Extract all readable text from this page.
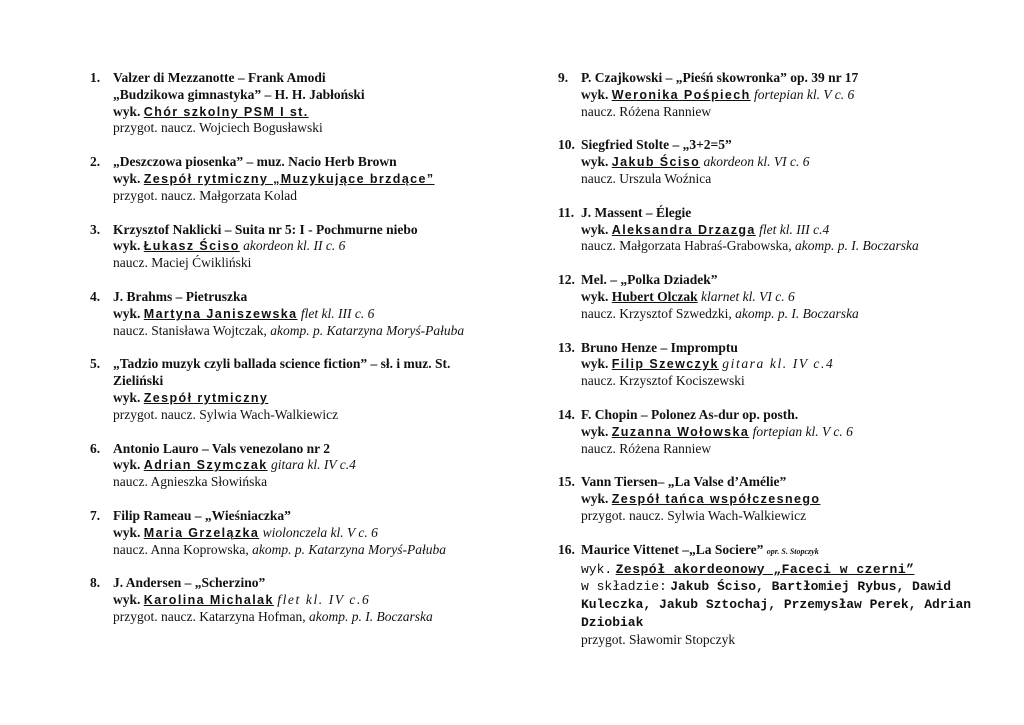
1. Valzer di Mezzanotte – Frank Amodi
„Budzikowa gimnastyka” – H. H. Jabłoński
wyk. Chór szkolny PSM I st.
przygot. naucz. Wojciech Bogusławski
2. „Deszczowa piosenka” – muz. Nacio Herb Brown
wyk. Zespół rytmiczny „Muzykujące brzdące”
przygot. naucz. Małgorzata Kolad
3. Krzysztof Naklicki – Suita nr 5: I - Pochmurne niebo
wyk. Łukasz Ściso akordeon kl. II c. 6
naucz. Maciej Ćwikliński
4. J. Brahms – Pietruszka
wyk. Martyna Janiszewska flet kl. III c. 6
naucz. Stanisława Wojtczak, akomp. p. Katarzyna Moryś-Pałuba
5. „Tadzio muzyk czyli ballada science fiction” – sł. i muz. St. Zieliński
wyk. Zespół rytmiczny
przygot. naucz. Sylwia Wach-Walkiewicz
6. Antonio Lauro – Vals venezolano nr 2
wyk. Adrian Szymczak gitara kl. IV c.4
naucz. Agnieszka Słowińska
7. Filip Rameau – „Wieśniaczka”
wyk. Maria Grzelązka wiolonczela kl. V c. 6
naucz. Anna Koprowska, akomp. p. Katarzyna Moryś-Pałuba
8. J. Andersen – „Scherzino”
wyk. Karolina Michalak flet kl. IV c.6
przygot. naucz. Katarzyna Hofman, akomp. p. I. Boczarska
9. P. Czajkowski – „Pieśń skowronka” op. 39 nr 17
wyk. Weronika Pośpiech fortepian kl. V c. 6
naucz. Różena Ranniew
10. Siegfried Stolte – „3+2=5”
wyk. Jakub Ściso akordeon kl. VI c. 6
naucz. Urszula Woźnica
11. J. Massent – Élegie
wyk. Aleksandra Drzazga flet kl. III c.4
naucz. Małgorzata Habraś-Grabowska, akomp. p. I. Boczarska
12. Mel. – „Polka Dziadek”
wyk. Hubert Olczak klarnet kl. VI c. 6
naucz. Krzysztof Szwedzki, akomp. p. I. Boczarska
13. Bruno Henze – Impromptu
wyk. Filip Szewczyk gitara kl. IV c.4
naucz. Krzysztof Kociszewski
14. F. Chopin – Polonez As-dur op. posth.
wyk. Zuzanna Wołowska fortepian kl. V c. 6
naucz. Różena Ranniew
15. Vann Tiersen– „La Valse d’Amélie”
wyk. Zespół tańca współczesnego
przygot. naucz. Sylwia Wach-Walkiewicz
16. Maurice Vittenet –„La Sociere” opr. S. Stopczyk
wyk. Zespół akordeonowy „Faceci w czerni”
w składzie: Jakub Ściso, Bartłomiej Rybus, Dawid Kuleczka, Jakub Sztochaj, Przemysław Perek, Adrian Dziobiak
przygot. Sławomir Stopczyk
